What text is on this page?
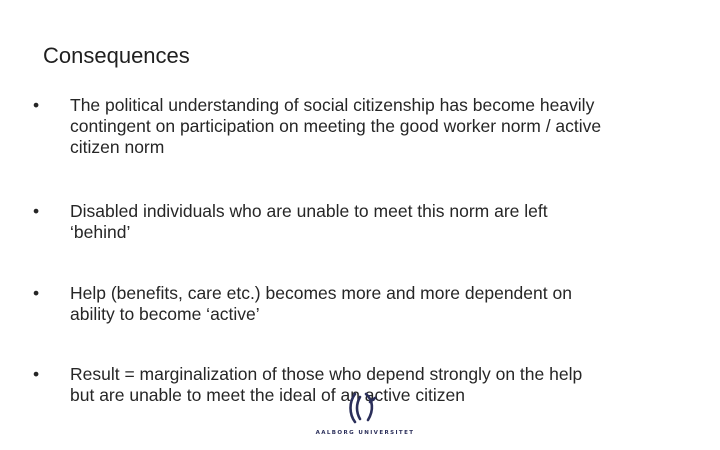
Consequences
• The political understanding of social citizenship has become heavily
contingent on participation on meeting the good worker norm / active
citizen norm
• Disabled individuals who are unable to meet this norm are left
‘behind’
• Help (benefits, care etc.) becomes more and more dependent on
ability to become ‘active’
• Result = marginalization of those who depend strongly on the help
but are unable to meet the ideal of an active citizen
AALBORG UNIVERSITET
